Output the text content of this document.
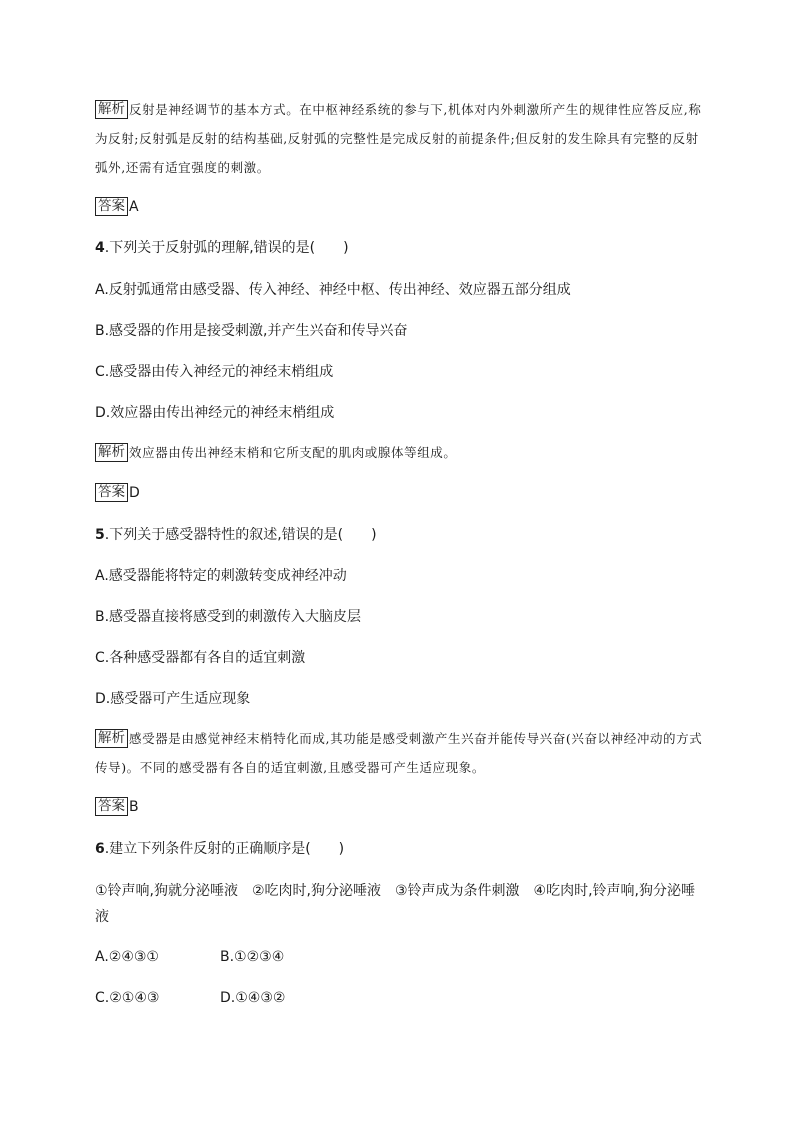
解析 反射是神经调节的基本方式。在中枢神经系统的参与下,机体对内外刺激所产生的规律性应答反应,称为反射;反射弧是反射的结构基础,反射弧的完整性是完成反射的前提条件;但反射的发生除具有完整的反射弧外,还需有适宜强度的刺激。
答案 A
4.下列关于反射弧的理解,错误的是(　　)
A.反射弧通常由感受器、传入神经、神经中枢、传出神经、效应器五部分组成
B.感受器的作用是接受刺激,并产生兴奋和传导兴奋
C.感受器由传入神经元的神经末梢组成
D.效应器由传出神经元的神经末梢组成
解析 效应器由传出神经末梢和它所支配的肌肉或腺体等组成。
答案 D
5.下列关于感受器特性的叙述,错误的是(　　)
A.感受器能将特定的刺激转变成神经冲动
B.感受器直接将感受到的刺激传入大脑皮层
C.各种感受器都有各自的适宜刺激
D.感受器可产生适应现象
解析 感受器是由感觉神经末梢特化而成,其功能是感受刺激产生兴奋并能传导兴奋(兴奋以神经冲动的方式传导)。不同的感受器有各自的适宜刺激,且感受器可产生适应现象。
答案 B
6.建立下列条件反射的正确顺序是(　　)
①铃声响,狗就分泌唾液　②吃肉时,狗分泌唾液　③铃声成为条件刺激　④吃肉时,铃声响,狗分泌唾液
A.②④③①	B.①②③④
C.②①④③	D.①④③②
